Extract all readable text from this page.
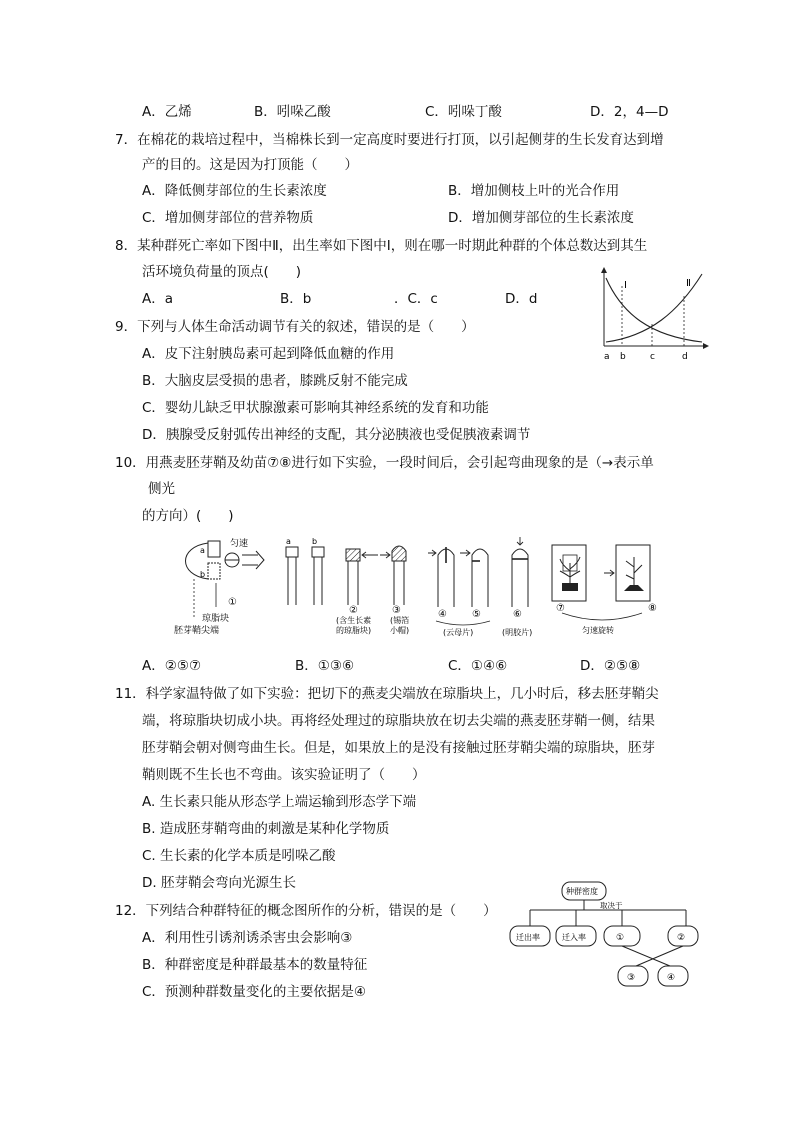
A．乙烯	B．吲哚乙酸	C．吲哚丁酸	D．2，4—D
7．在棉花的栽培过程中，当棉株长到一定高度时要进行打顶，以引起侧芽的生长发育达到增
产的目的。这是因为打顶能（　　）
A．降低侧芽部位的生长素浓度	B．增加侧枝上叶的光合作用
C．增加侧芽部位的营养物质	D．增加侧芽部位的生长素浓度
8．某种群死亡率如下图中Ⅱ，出生率如下图中Ⅰ，则在哪一时期此种群的个体总数达到其生
活环境负荷量的顶点(　　)
A．a	B．b	．C．c	D．d
Ⅰ	Ⅱ
a b	c	d
9．下列与人体生命活动调节有关的叙述，错误的是（　　）
A．皮下注射胰岛素可起到降低血糖的作用
B．大脑皮层受损的患者，膝跳反射不能完成
C．婴幼儿缺乏甲状腺激素可影响其神经系统的发育和功能
D．胰腺受反射弧传出神经的支配，其分泌胰液也受促胰液素调节
10．用燕麦胚芽鞘及幼苗⑦⑧进行如下实验，一段时间后，会引起弯曲现象的是（→表示单
侧光
的方向）(　　)
匀速
a
b
①
琼脂块
胚芽鞘尖端
a	b
②	③
(含生长素
的琼脂块)
(锡箔
小帽)
④	⑤	⑥
(云母片)	(明胶片)
⑦	⑧
匀速旋转
A．②⑤⑦	B．①③⑥	C．①④⑥	D．②⑤⑧
11．科学家温特做了如下实验：把切下的燕麦尖端放在琼脂块上，几小时后，移去胚芽鞘尖
端，将琼脂块切成小块。再将经处理过的琼脂块放在切去尖端的燕麦胚芽鞘一侧，结果
胚芽鞘会朝对侧弯曲生长。但是，如果放上的是没有接触过胚芽鞘尖端的琼脂块，胚芽
鞘则既不生长也不弯曲。该实验证明了（　　）
A. 生长素只能从形态学上端运输到形态学下端
B. 造成胚芽鞘弯曲的刺激是某种化学物质
C. 生长素的化学本质是吲哚乙酸
D. 胚芽鞘会弯向光源生长
12．下列结合种群特征的概念图所作的分析，错误的是（　　）
A．利用性引诱剂诱杀害虫会影响③
B．种群密度是种群最基本的数量特征
C．预测种群数量变化的主要依据是④
种群密度
取决于
迁出率	迁入率	①	②
③	④
